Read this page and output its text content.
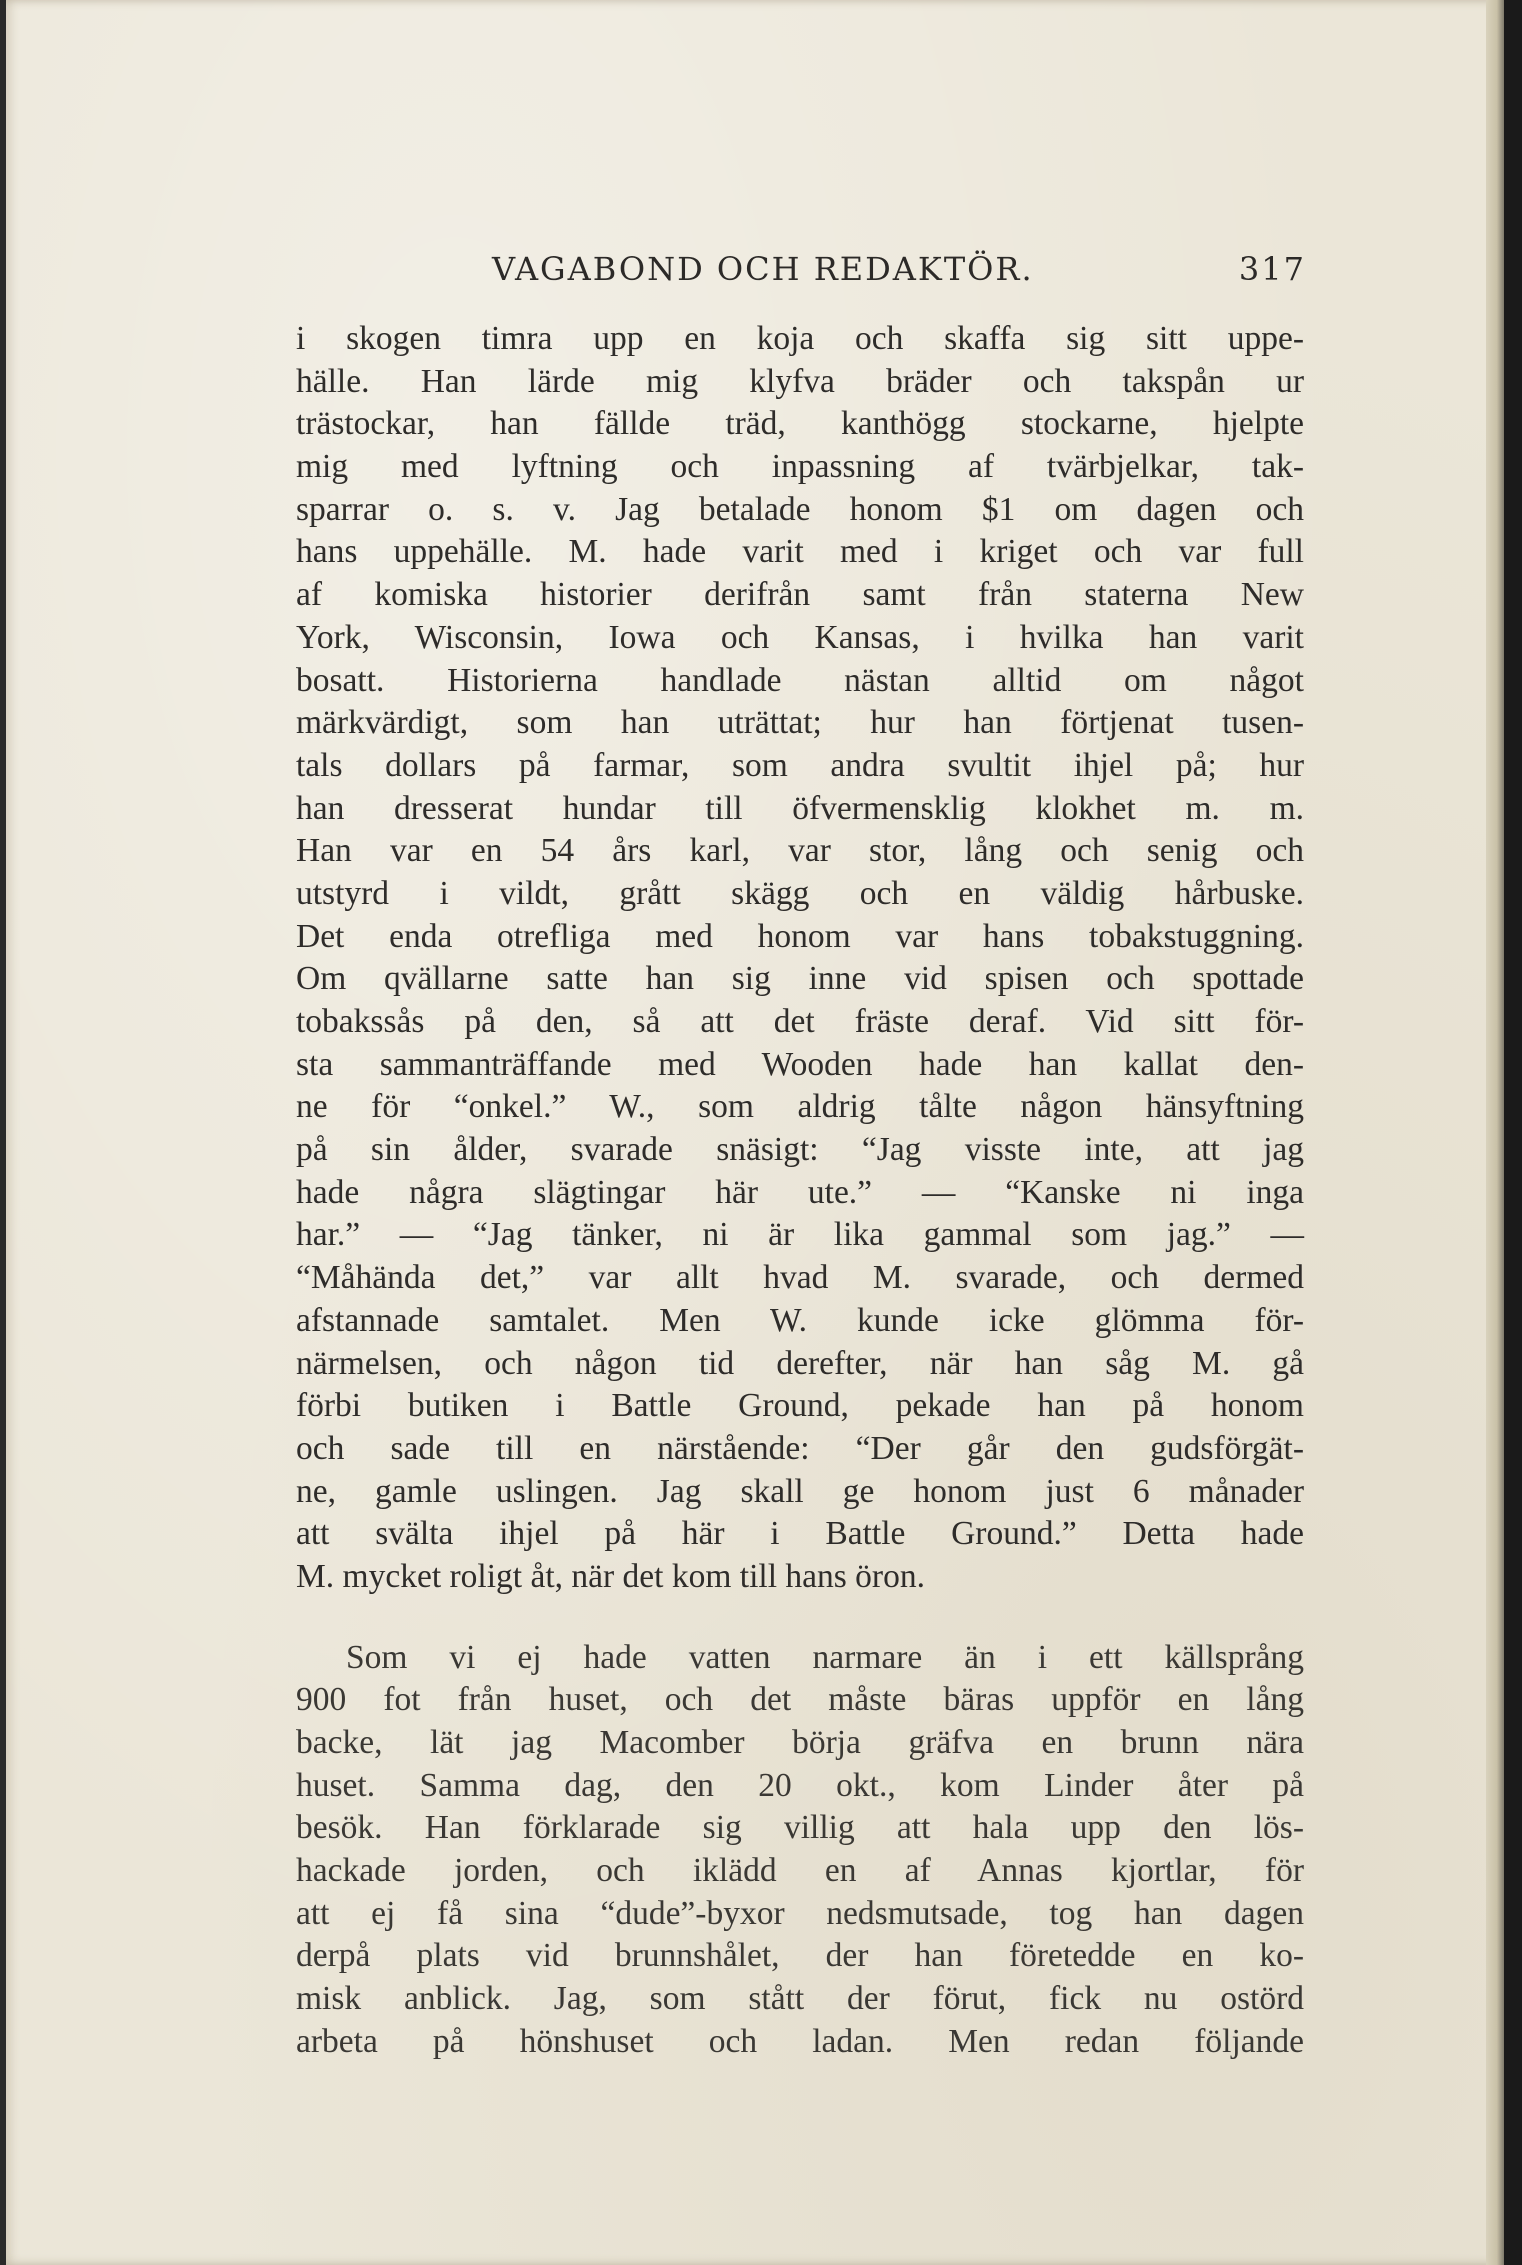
VAGABOND OCH REDAKTÖR.	317
i skogen timra upp en koja och skaffa sig sitt uppe-
hälle. Han lärde mig klyfva bräder och takspån ur
trästockar, han fällde träd, kanthögg stockarne, hjelpte
mig med lyftning och inpassning af tvärbjelkar, tak-
sparrar o. s. v. Jag betalade honom $1 om dagen och
hans uppehälle. M. hade varit med i kriget och var full
af komiska historier derifrån samt från staterna New
York, Wisconsin, Iowa och Kansas, i hvilka han varit
bosatt. Historierna handlade nästan alltid om något
märkvärdigt, som han uträttat; hur han förtjenat tusen-
tals dollars på farmar, som andra svultit ihjel på; hur
han dresserat hundar till öfvermensklig klokhet m. m.
Han var en 54 års karl, var stor, lång och senig och
utstyrd i vildt, grått skägg och en väldig hårbuske.
Det enda otrefliga med honom var hans tobakstuggning.
Om qvällarne satte han sig inne vid spisen och spottade
tobakssås på den, så att det fräste deraf. Vid sitt för-
sta sammanträffande med Wooden hade han kallat den-
ne för “onkel.” W., som aldrig tålte någon hänsyftning
på sin ålder, svarade snäsigt: “Jag visste inte, att jag
hade några slägtingar här ute.” — “Kanske ni inga
har.” — “Jag tänker, ni är lika gammal som jag.” —
“Måhända det,” var allt hvad M. svarade, och dermed
afstannade samtalet. Men W. kunde icke glömma för-
närmelsen, och någon tid derefter, när han såg M. gå
förbi butiken i Battle Ground, pekade han på honom
och sade till en närstående: “Der går den gudsförgät-
ne, gamle uslingen. Jag skall ge honom just 6 månader
att svälta ihjel på här i Battle Ground.” Detta hade
M. mycket roligt åt, när det kom till hans öron.
Som vi ej hade vatten narmare än i ett källsprång
900 fot från huset, och det måste bäras uppför en lång
backe, lät jag Macomber börja gräfva en brunn nära
huset. Samma dag, den 20 okt., kom Linder åter på
besök. Han förklarade sig villig att hala upp den lös-
hackade jorden, och iklädd en af Annas kjortlar, för
att ej få sina “dude”-byxor nedsmutsade, tog han dagen
derpå plats vid brunnshålet, der han företedde en ko-
misk anblick. Jag, som stått der förut, fick nu ostörd
arbeta på hönshuset och ladan. Men redan följande
